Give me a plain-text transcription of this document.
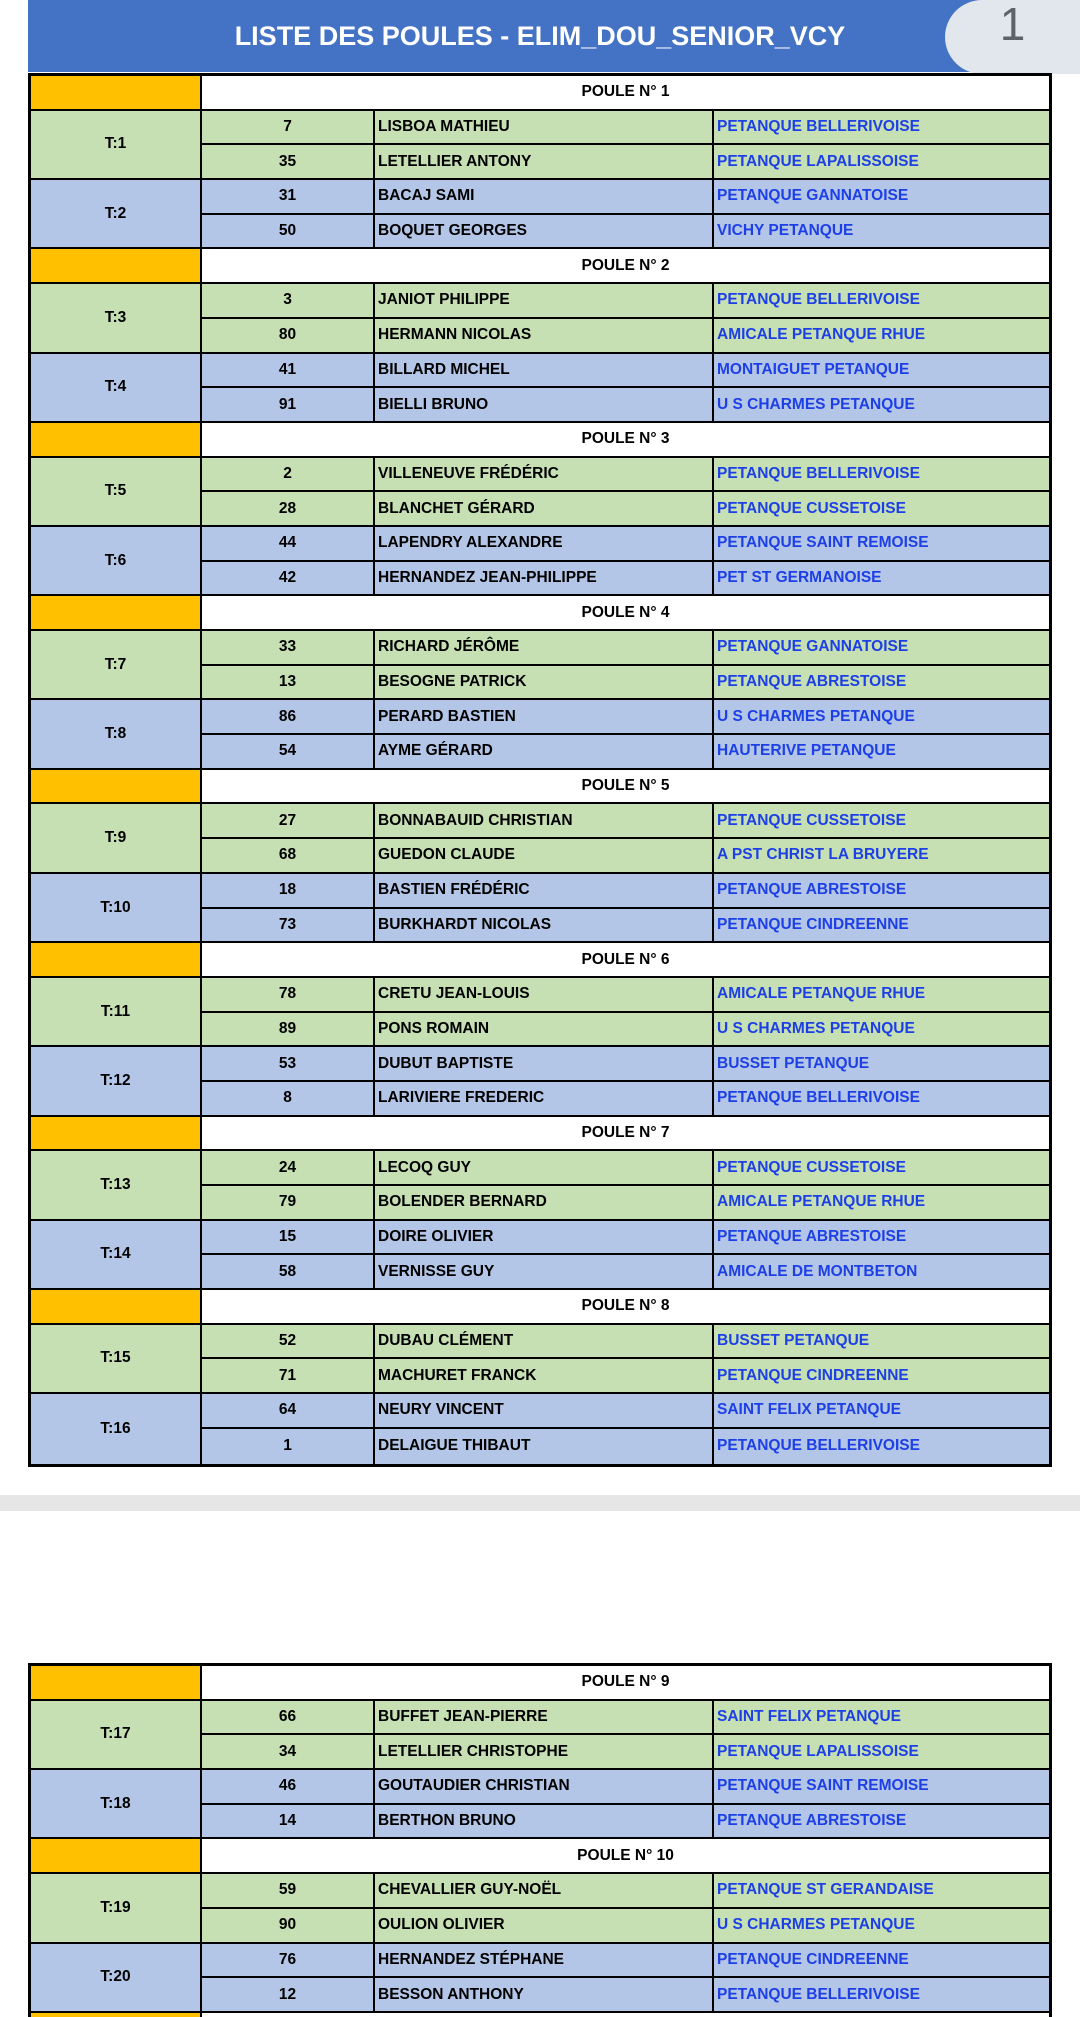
LISTE DES POULES - ELIM_DOU_SENIOR_VCY	1
POULE N° 1
T:1
7	LISBOA MATHIEU	PETANQUE BELLERIVOISE
35	LETELLIER ANTONY	PETANQUE LAPALISSOISE
T:2
31	BACAJ SAMI	PETANQUE GANNATOISE
50	BOQUET GEORGES	VICHY PETANQUE
POULE N° 2
T:3
3	JANIOT PHILIPPE	PETANQUE BELLERIVOISE
80	HERMANN NICOLAS	AMICALE PETANQUE RHUE
T:4
41	BILLARD MICHEL	MONTAIGUET PETANQUE
91	BIELLI BRUNO	U S CHARMES PETANQUE
POULE N° 3
T:5
2	VILLENEUVE FRÉDÉRIC	PETANQUE BELLERIVOISE
28	BLANCHET GÉRARD	PETANQUE CUSSETOISE
T:6
44	LAPENDRY ALEXANDRE	PETANQUE SAINT REMOISE
42	HERNANDEZ JEAN-PHILIPPE	PET ST GERMANOISE
POULE N° 4
T:7
33	RICHARD JÉRÔME	PETANQUE GANNATOISE
13	BESOGNE PATRICK	PETANQUE ABRESTOISE
T:8
86	PERARD BASTIEN	U S CHARMES PETANQUE
54	AYME GÉRARD	HAUTERIVE PETANQUE
POULE N° 5
T:9
27	BONNABAUID CHRISTIAN	PETANQUE CUSSETOISE
68	GUEDON CLAUDE	A PST CHRIST LA BRUYERE
T:10
18	BASTIEN FRÉDÉRIC	PETANQUE ABRESTOISE
73	BURKHARDT NICOLAS	PETANQUE CINDREENNE
POULE N° 6
T:11
78	CRETU JEAN-LOUIS	AMICALE PETANQUE RHUE
89	PONS ROMAIN	U S CHARMES PETANQUE
T:12
53	DUBUT BAPTISTE	BUSSET PETANQUE
8	LARIVIERE FREDERIC	PETANQUE BELLERIVOISE
POULE N° 7
T:13
24	LECOQ GUY	PETANQUE CUSSETOISE
79	BOLENDER BERNARD	AMICALE PETANQUE RHUE
T:14
15	DOIRE OLIVIER	PETANQUE ABRESTOISE
58	VERNISSE GUY	AMICALE DE MONTBETON
POULE N° 8
T:15
52	DUBAU CLÉMENT	BUSSET PETANQUE
71	MACHURET FRANCK	PETANQUE CINDREENNE
T:16
64	NEURY VINCENT	SAINT FELIX PETANQUE
1	DELAIGUE THIBAUT	PETANQUE BELLERIVOISE
POULE N° 9
T:17
66	BUFFET JEAN-PIERRE	SAINT FELIX PETANQUE
34	LETELLIER CHRISTOPHE	PETANQUE LAPALISSOISE
T:18
46	GOUTAUDIER CHRISTIAN	PETANQUE SAINT REMOISE
14	BERTHON BRUNO	PETANQUE ABRESTOISE
POULE N° 10
T:19
59	CHEVALLIER GUY-NOËL	PETANQUE ST GERANDAISE
90	OULION OLIVIER	U S CHARMES PETANQUE
T:20
76	HERNANDEZ STÉPHANE	PETANQUE CINDREENNE
12	BESSON ANTHONY	PETANQUE BELLERIVOISE
